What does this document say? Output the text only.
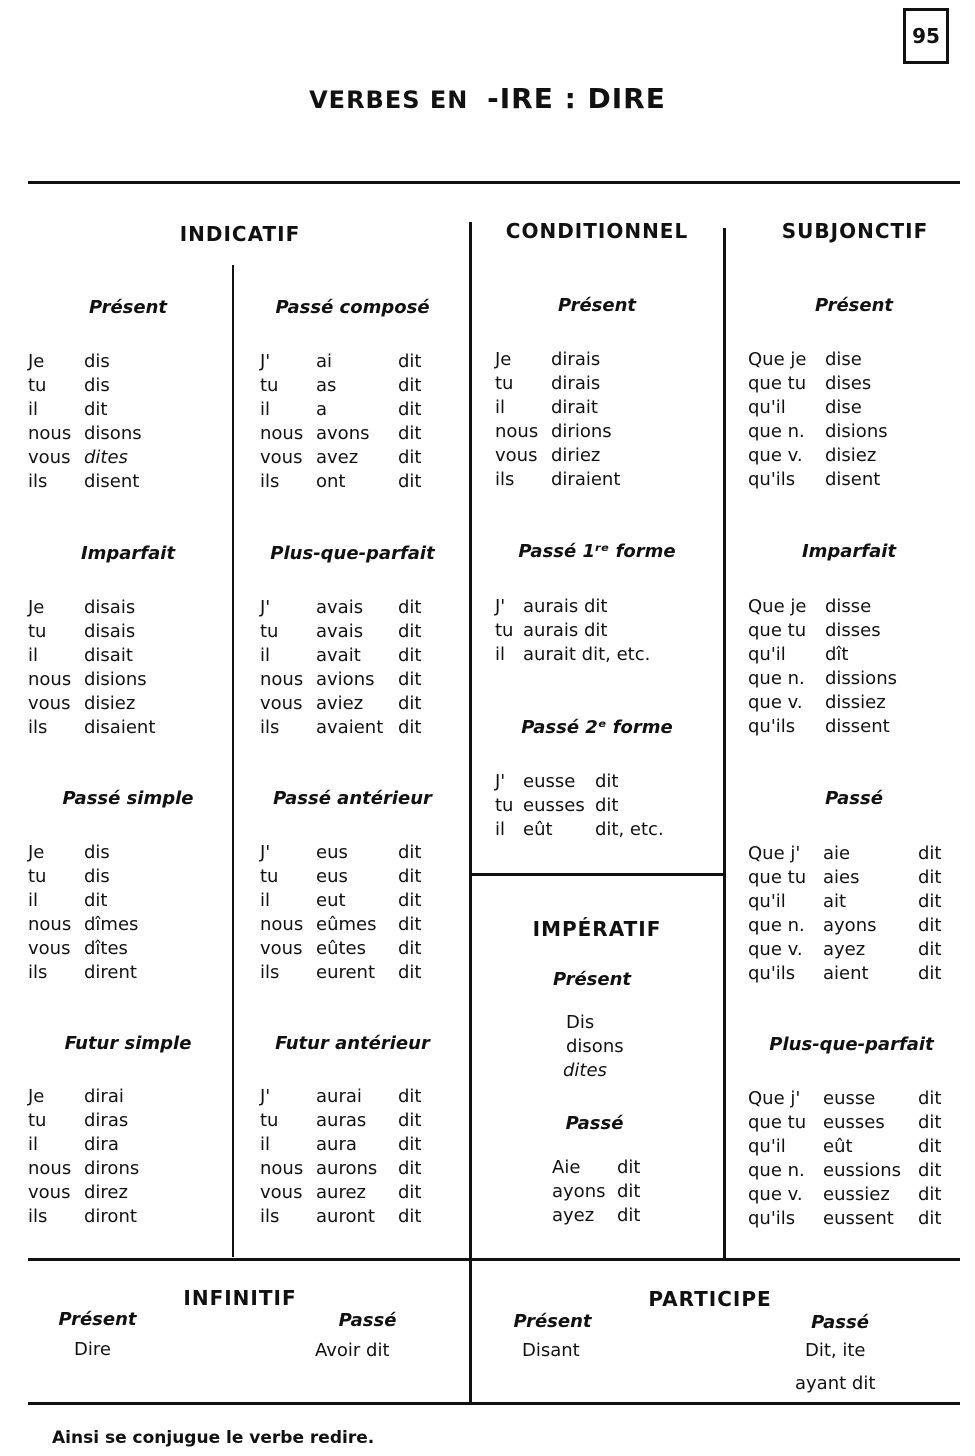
95
VERBES EN -IRE : DIRE
INDICATIF	CONDITIONNEL	SUBJONCTIF
Présent
Je dis
tu dis
il	dit
nous disons
vous dites
ils disent
Imparfait
Je disais
tu disais
il	disait
nous disions
vous disiez
ils disaient
Passé simple
Je dis
tu dis
il	dit
nous dîmes
vous dîtes
ils dirent
Futur simple
Je dirai
tu diras
il	dira
nous dirons
vous direz
ils diront
Passé composé
J'	ai	dit
tu as	dit
il	a	dit
nous avons dit
vous avez dit
ils ont	dit
Plus-que-parfait
J'	avais dit
tu avais dit
il	avait dit
nous avions dit
vous aviez dit
ils avaient dit
Passé antérieur
J'	eus	dit
tu eus	dit
il	eut	dit
nous eûmes dit
vous eûtes dit
ils eurent dit
Futur antérieur
J'	aurai dit
tu auras dit
il	aura dit
nous aurons dit
vous aurez dit
ils auront dit
Présent
Je dirais
tu dirais
il	dirait
nous dirions
vous diriez
ils diraient
Passé 1ʳᵉ forme
J' aurais dit
tu aurais dit
il aurait dit, etc.
Passé 2ᵉ forme
J' eusse dit
tu eusses dit
il eût dit, etc.
IMPÉRATIF
Présent
Dis
disons
dites
Passé
Aie dit
ayons dit
ayez dit
Présent
Que je dise
que tu dises
qu'il dise
que n. disions
que v. disiez
qu'ils disent
Imparfait
Que je disse
que tu disses
qu'il dît
que n. dissions
que v. dissiez
qu'ils dissent
Passé
Que j' aie	dit
que tu aies	dit
qu'il ait	dit
que n. ayons dit
que v. ayez	dit
qu'ils aient	dit
Plus-que-parfait
Que j' eusse dit
que tu eusses dit
qu'il eût	dit
que n. eussions dit
que v. eussiez dit
qu'ils eussent dit
INFINITIF
Présent
Dire
Passé
Avoir dit
PARTICIPE
Présent
Disant
Passé
Dit, ite
ayant dit
Ainsi se conjugue le verbe redire.
